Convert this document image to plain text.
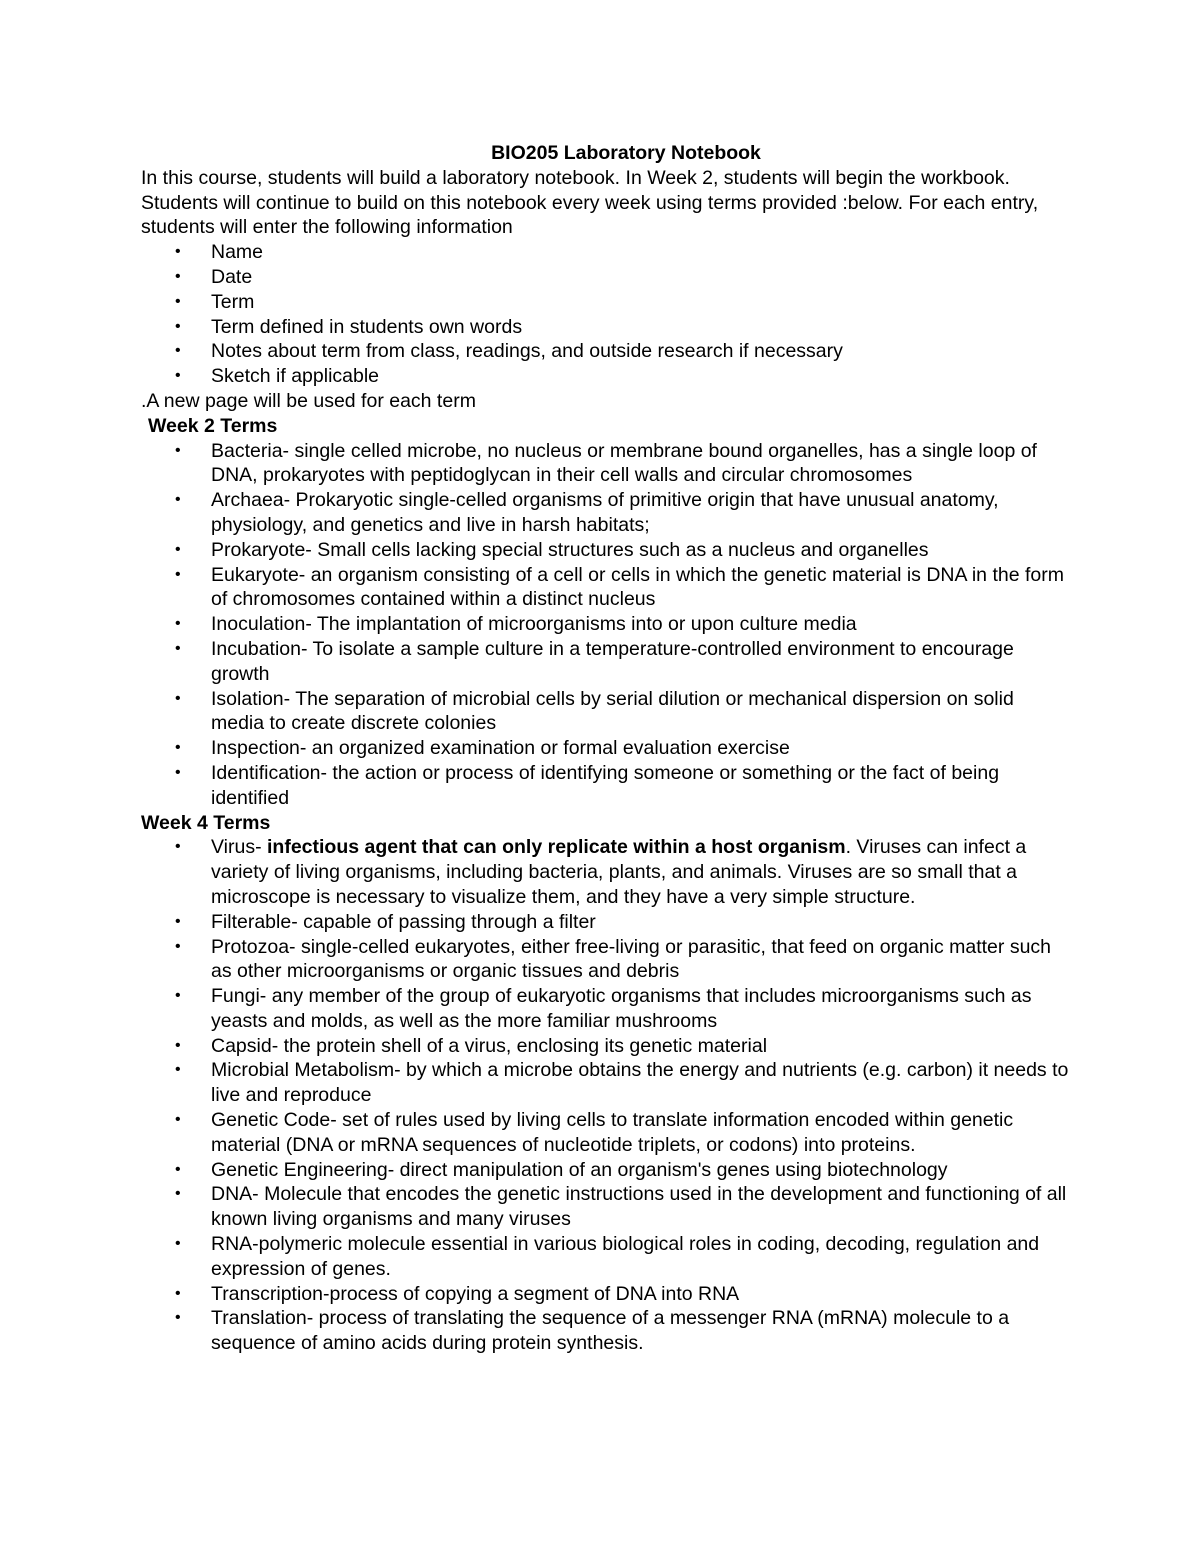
BIO205 Laboratory Notebook

In this course, students will build a laboratory notebook. In Week 2, students will begin the workbook. Students will continue to build on this notebook every week using terms provided :below. For each entry, students will enter the following information

• Name
• Date
• Term
• Term defined in students own words
• Notes about term from class, readings, and outside research if necessary
• Sketch if applicable

.A new page will be used for each term

Week 2 Terms

• Bacteria- single celled microbe, no nucleus or membrane bound organelles, has a single loop of DNA, prokaryotes with peptidoglycan in their cell walls and circular chromosomes
• Archaea- Prokaryotic single-celled organisms of primitive origin that have unusual anatomy, physiology, and genetics and live in harsh habitats;
• Prokaryote- Small cells lacking special structures such as a nucleus and organelles
• Eukaryote- an organism consisting of a cell or cells in which the genetic material is DNA in the form of chromosomes contained within a distinct nucleus
• Inoculation- The implantation of microorganisms into or upon culture media
• Incubation- To isolate a sample culture in a temperature-controlled environment to encourage growth
• Isolation- The separation of microbial cells by serial dilution or mechanical dispersion on solid media to create discrete colonies
• Inspection- an organized examination or formal evaluation exercise
• Identification- the action or process of identifying someone or something or the fact of being identified

Week 4 Terms

• Virus- infectious agent that can only replicate within a host organism. Viruses can infect a variety of living organisms, including bacteria, plants, and animals. Viruses are so small that a microscope is necessary to visualize them, and they have a very simple structure.
• Filterable- capable of passing through a filter
• Protozoa- single-celled eukaryotes, either free-living or parasitic, that feed on organic matter such as other microorganisms or organic tissues and debris
• Fungi- any member of the group of eukaryotic organisms that includes microorganisms such as yeasts and molds, as well as the more familiar mushrooms
• Capsid- the protein shell of a virus, enclosing its genetic material
• Microbial Metabolism- by which a microbe obtains the energy and nutrients (e.g. carbon) it needs to live and reproduce
• Genetic Code- set of rules used by living cells to translate information encoded within genetic material (DNA or mRNA sequences of nucleotide triplets, or codons) into proteins.
• Genetic Engineering- direct manipulation of an organism's genes using biotechnology
• DNA- Molecule that encodes the genetic instructions used in the development and functioning of all known living organisms and many viruses
• RNA-polymeric molecule essential in various biological roles in coding, decoding, regulation and expression of genes.
• Transcription-process of copying a segment of DNA into RNA
• Translation- process of translating the sequence of a messenger RNA (mRNA) molecule to a sequence of amino acids during protein synthesis.
